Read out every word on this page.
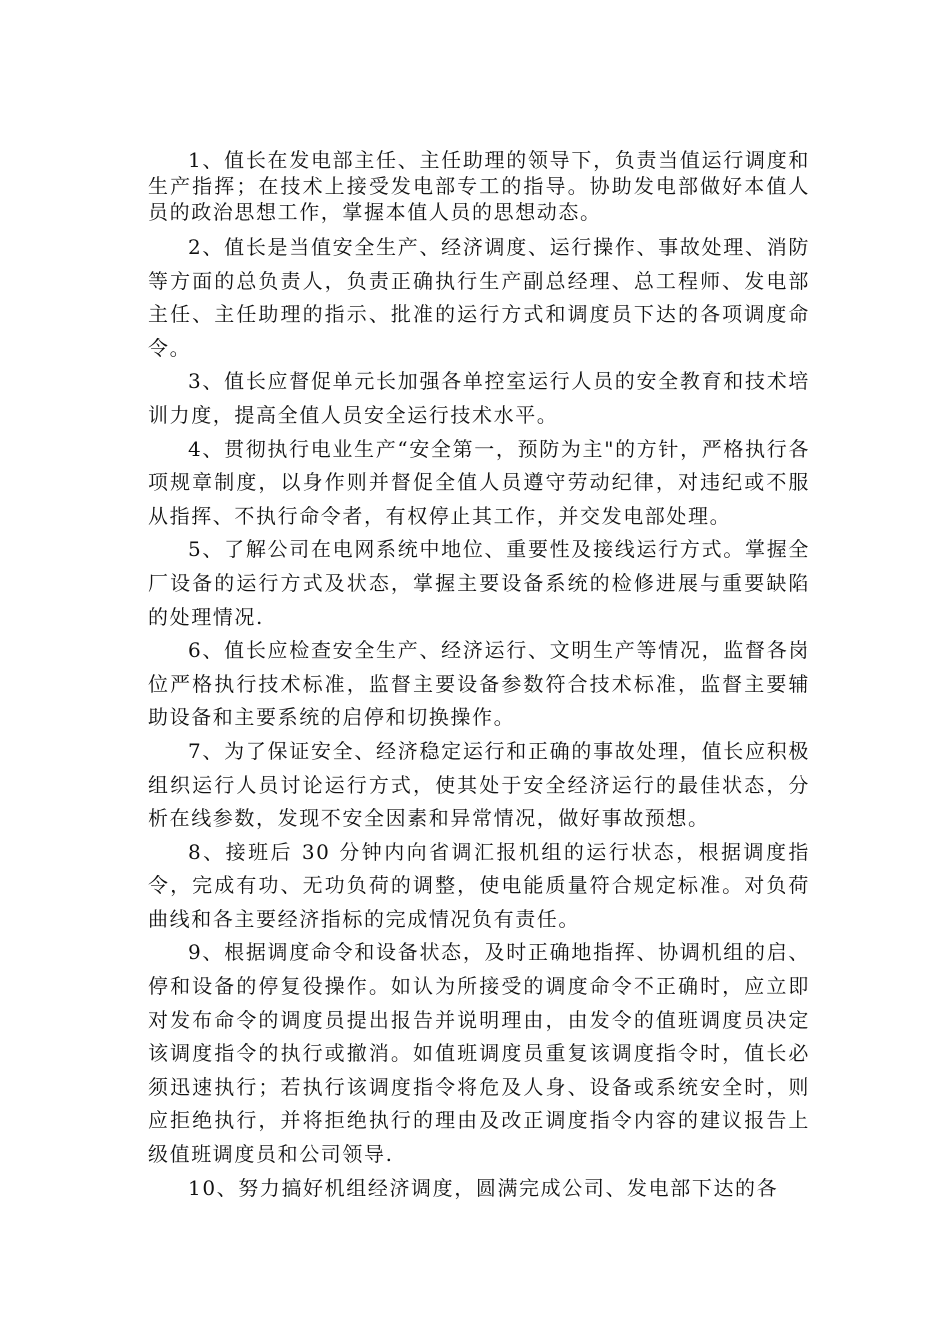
1、值长在发电部主任、主任助理的领导下，负责当值运行调度和生产指挥；在技术上接受发电部专工的指导。协助发电部做好本值人员的政治思想工作，掌握本值人员的思想动态。

2、值长是当值安全生产、经济调度、运行操作、事故处理、消防等方面的总负责人，负责正确执行生产副总经理、总工程师、发电部主任、主任助理的指示、批准的运行方式和调度员下达的各项调度命令。

3、值长应督促单元长加强各单控室运行人员的安全教育和技术培训力度，提高全值人员安全运行技术水平。

4、贯彻执行电业生产“安全第一，预防为主"的方针，严格执行各项规章制度，以身作则并督促全值人员遵守劳动纪律，对违纪或不服从指挥、不执行命令者，有权停止其工作，并交发电部处理。

5、了解公司在电网系统中地位、重要性及接线运行方式。掌握全厂设备的运行方式及状态，掌握主要设备系统的检修进展与重要缺陷的处理情况.

6、值长应检查安全生产、经济运行、文明生产等情况，监督各岗位严格执行技术标准，监督主要设备参数符合技术标准，监督主要辅助设备和主要系统的启停和切换操作。

7、为了保证安全、经济稳定运行和正确的事故处理，值长应积极组织运行人员讨论运行方式，使其处于安全经济运行的最佳状态，分析在线参数，发现不安全因素和异常情况，做好事故预想。

8、接班后 30 分钟内向省调汇报机组的运行状态，根据调度指令，完成有功、无功负荷的调整，使电能质量符合规定标准。对负荷曲线和各主要经济指标的完成情况负有责任。

9、根据调度命令和设备状态，及时正确地指挥、协调机组的启、停和设备的停复役操作。如认为所接受的调度命令不正确时，应立即对发布命令的调度员提出报告并说明理由，由发令的值班调度员决定该调度指令的执行或撤消。如值班调度员重复该调度指令时，值长必须迅速执行；若执行该调度指令将危及人身、设备或系统安全时，则应拒绝执行，并将拒绝执行的理由及改正调度指令内容的建议报告上级值班调度员和公司领导.

10、努力搞好机组经济调度，圆满完成公司、发电部下达的各
